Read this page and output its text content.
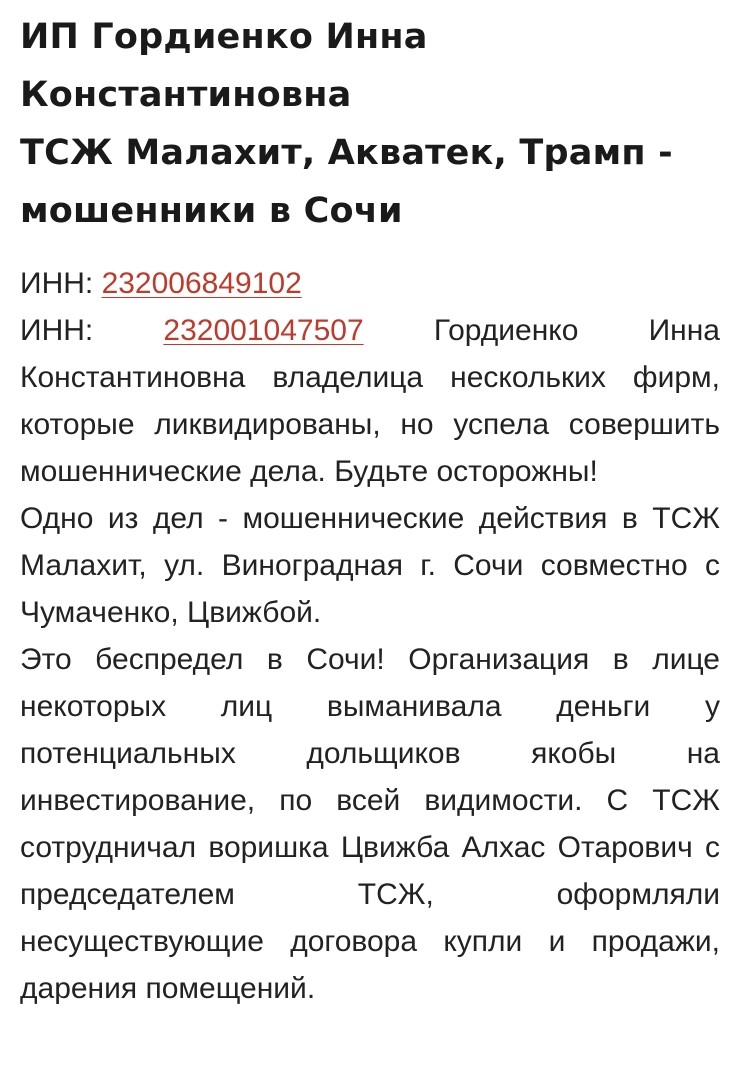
ИП Гордиенко Инна
Константиновна
ТСЖ Малахит, Акватек, Трамп -
мошенники в Сочи

ИНН: 232006849102

ИНН: 232001047507 Гордиенко Инна Константиновна владелица нескольких фирм, которые ликвидированы, но успела совершить мошеннические дела. Будьте осторожны!

Одно из дел - мошеннические действия в ТСЖ Малахит, ул. Виноградная г. Сочи совместно с Чумаченко, Цвижбой.

Это беспредел в Сочи! Организация в лице некоторых лиц выманивала деньги у потенциальных дольщиков якобы на инвестирование, по всей видимости. С ТСЖ сотрудничал воришка Цвижба Алхас Отарович с председателем ТСЖ, оформляли несуществующие договора купли и продажи, дарения помещений.
